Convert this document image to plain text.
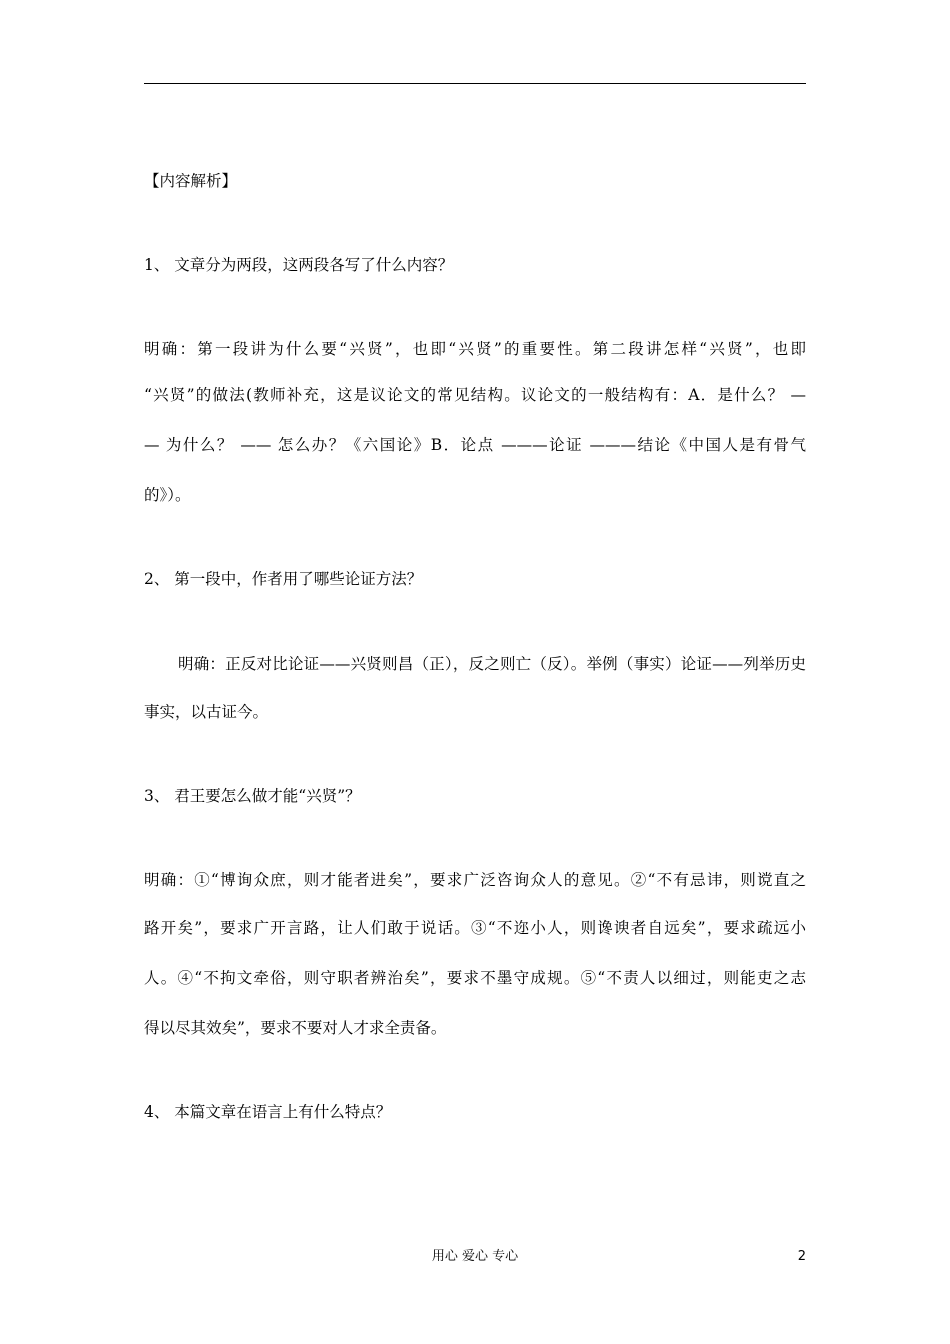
【内容解析】
1、 文章分为两段，这两段各写了什么内容？
明确：第一段讲为什么要“兴贤”，也即“兴贤”的重要性。第二段讲怎样“兴贤”，也即
“兴贤”的做法(教师补充，这是议论文的常见结构。议论文的一般结构有：A．是什么？ —
— 为什么？ —— 怎么办？《六国论》B．论点 ———论证 ———结论《中国人是有骨气
的》）。
2、 第一段中，作者用了哪些论证方法？
明确：正反对比论证——兴贤则昌（正），反之则亡（反）。举例（事实）论证——列举历史
事实，以古证今。
3、 君王要怎么做才能“兴贤”？
明确：①“博询众庶，则才能者进矣”，要求广泛咨询众人的意见。②“不有忌讳，则谠直之
路开矣”，要求广开言路，让人们敢于说话。③“不迩小人，则谗谀者自远矣”，要求疏远小
人。④“不拘文牵俗，则守职者辨治矣”，要求不墨守成规。⑤“不责人以细过，则能吏之志
得以尽其效矣”，要求不要对人才求全责备。
4、 本篇文章在语言上有什么特点？
用心 爱心 专心	2
